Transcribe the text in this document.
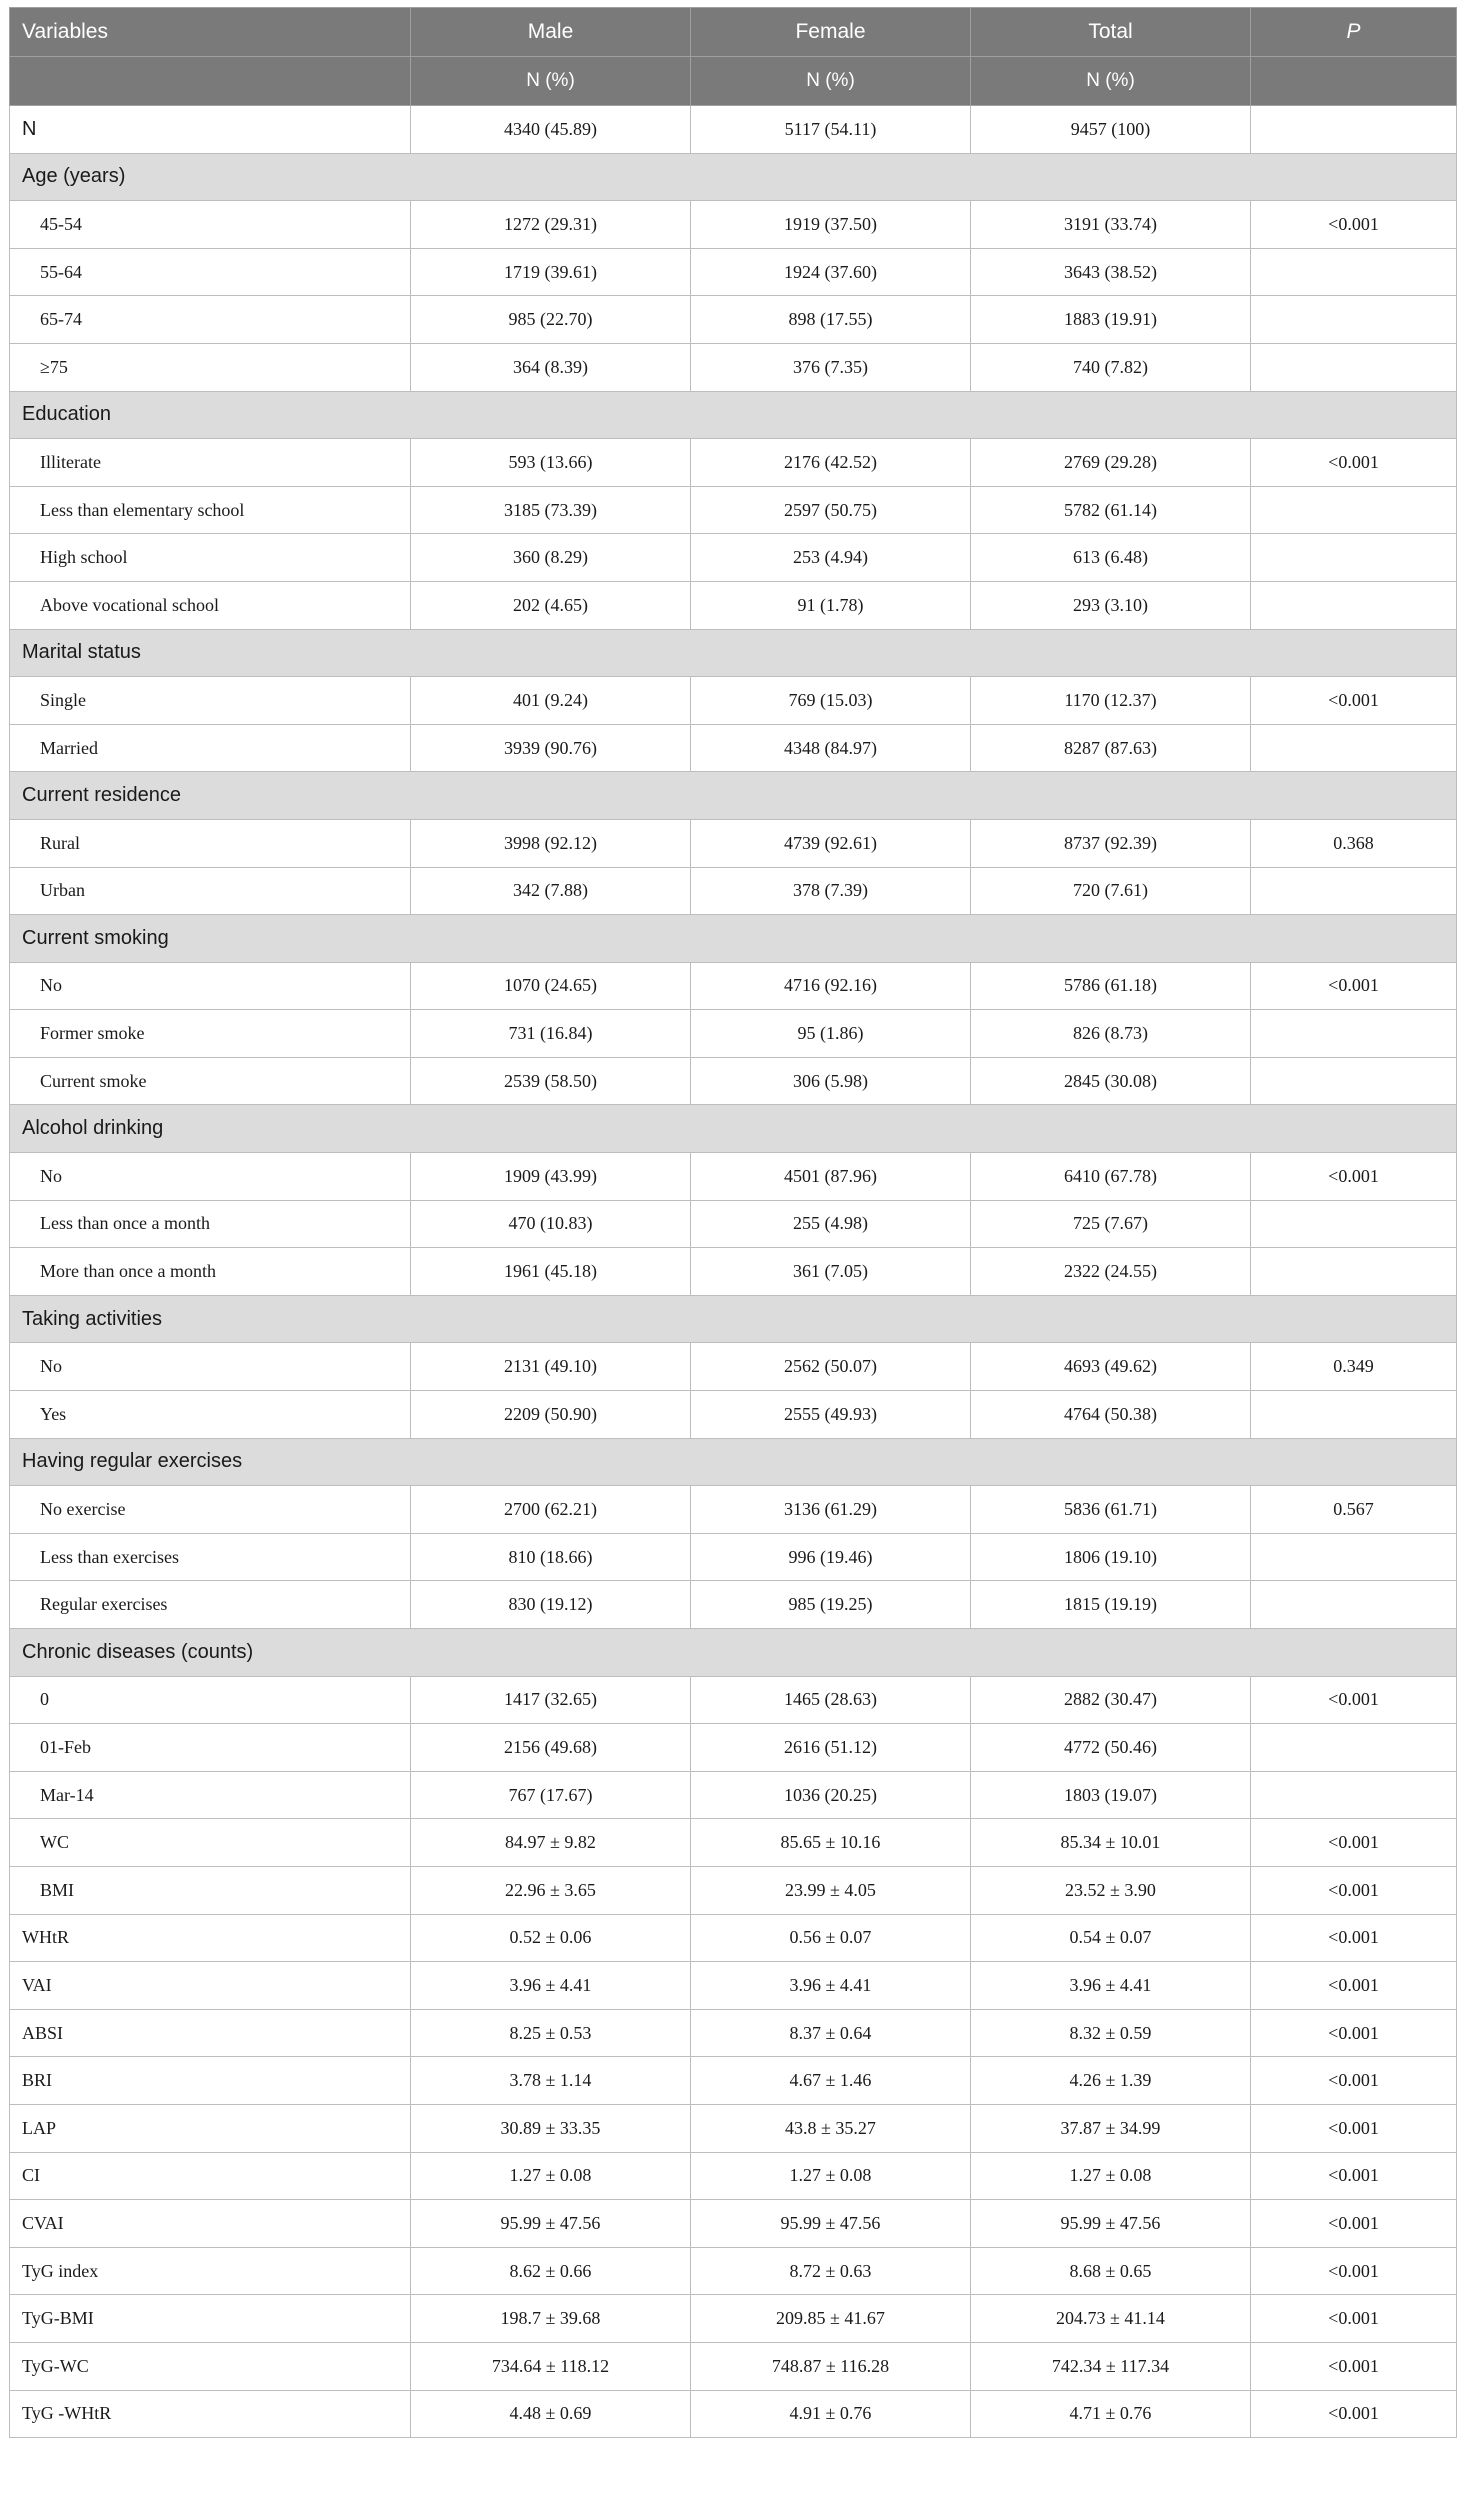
Variables	Male	Female	Total	P
	N (%)	N (%)	N (%)	
N	4340 (45.89)	5117 (54.11)	9457 (100)	
Age (years)				
45-54	1272 (29.31)	1919 (37.50)	3191 (33.74)	<0.001
55-64	1719 (39.61)	1924 (37.60)	3643 (38.52)	
65-74	985 (22.70)	898 (17.55)	1883 (19.91)	
≥75	364 (8.39)	376 (7.35)	740 (7.82)	
Education				
Illiterate	593 (13.66)	2176 (42.52)	2769 (29.28)	<0.001
Less than elementary school	3185 (73.39)	2597 (50.75)	5782 (61.14)	
High school	360 (8.29)	253 (4.94)	613 (6.48)	
Above vocational school	202 (4.65)	91 (1.78)	293 (3.10)	
Marital status				
Single	401 (9.24)	769 (15.03)	1170 (12.37)	<0.001
Married	3939 (90.76)	4348 (84.97)	8287 (87.63)	
Current residence				
Rural	3998 (92.12)	4739 (92.61)	8737 (92.39)	0.368
Urban	342 (7.88)	378 (7.39)	720 (7.61)	
Current smoking				
No	1070 (24.65)	4716 (92.16)	5786 (61.18)	<0.001
Former smoke	731 (16.84)	95 (1.86)	826 (8.73)	
Current smoke	2539 (58.50)	306 (5.98)	2845 (30.08)	
Alcohol drinking				
No	1909 (43.99)	4501 (87.96)	6410 (67.78)	<0.001
Less than once a month	470 (10.83)	255 (4.98)	725 (7.67)	
More than once a month	1961 (45.18)	361 (7.05)	2322 (24.55)	
Taking activities				
No	2131 (49.10)	2562 (50.07)	4693 (49.62)	0.349
Yes	2209 (50.90)	2555 (49.93)	4764 (50.38)	
Having regular exercises				
No exercise	2700 (62.21)	3136 (61.29)	5836 (61.71)	0.567
Less than exercises	810 (18.66)	996 (19.46)	1806 (19.10)	
Regular exercises	830 (19.12)	985 (19.25)	1815 (19.19)	
Chronic diseases (counts)				
0	1417 (32.65)	1465 (28.63)	2882 (30.47)	<0.001
01-Feb	2156 (49.68)	2616 (51.12)	4772 (50.46)	
Mar-14	767 (17.67)	1036 (20.25)	1803 (19.07)	
WC	84.97 ± 9.82	85.65 ± 10.16	85.34 ± 10.01	<0.001
BMI	22.96 ± 3.65	23.99 ± 4.05	23.52 ± 3.90	<0.001
WHtR	0.52 ± 0.06	0.56 ± 0.07	0.54 ± 0.07	<0.001
VAI	3.96 ± 4.41	3.96 ± 4.41	3.96 ± 4.41	<0.001
ABSI	8.25 ± 0.53	8.37 ± 0.64	8.32 ± 0.59	<0.001
BRI	3.78 ± 1.14	4.67 ± 1.46	4.26 ± 1.39	<0.001
LAP	30.89 ± 33.35	43.8 ± 35.27	37.87 ± 34.99	<0.001
CI	1.27 ± 0.08	1.27 ± 0.08	1.27 ± 0.08	<0.001
CVAI	95.99 ± 47.56	95.99 ± 47.56	95.99 ± 47.56	<0.001
TyG index	8.62 ± 0.66	8.72 ± 0.63	8.68 ± 0.65	<0.001
TyG-BMI	198.7 ± 39.68	209.85 ± 41.67	204.73 ± 41.14	<0.001
TyG-WC	734.64 ± 118.12	748.87 ± 116.28	742.34 ± 117.34	<0.001
TyG -WHtR	4.48 ± 0.69	4.91 ± 0.76	4.71 ± 0.76	<0.001
